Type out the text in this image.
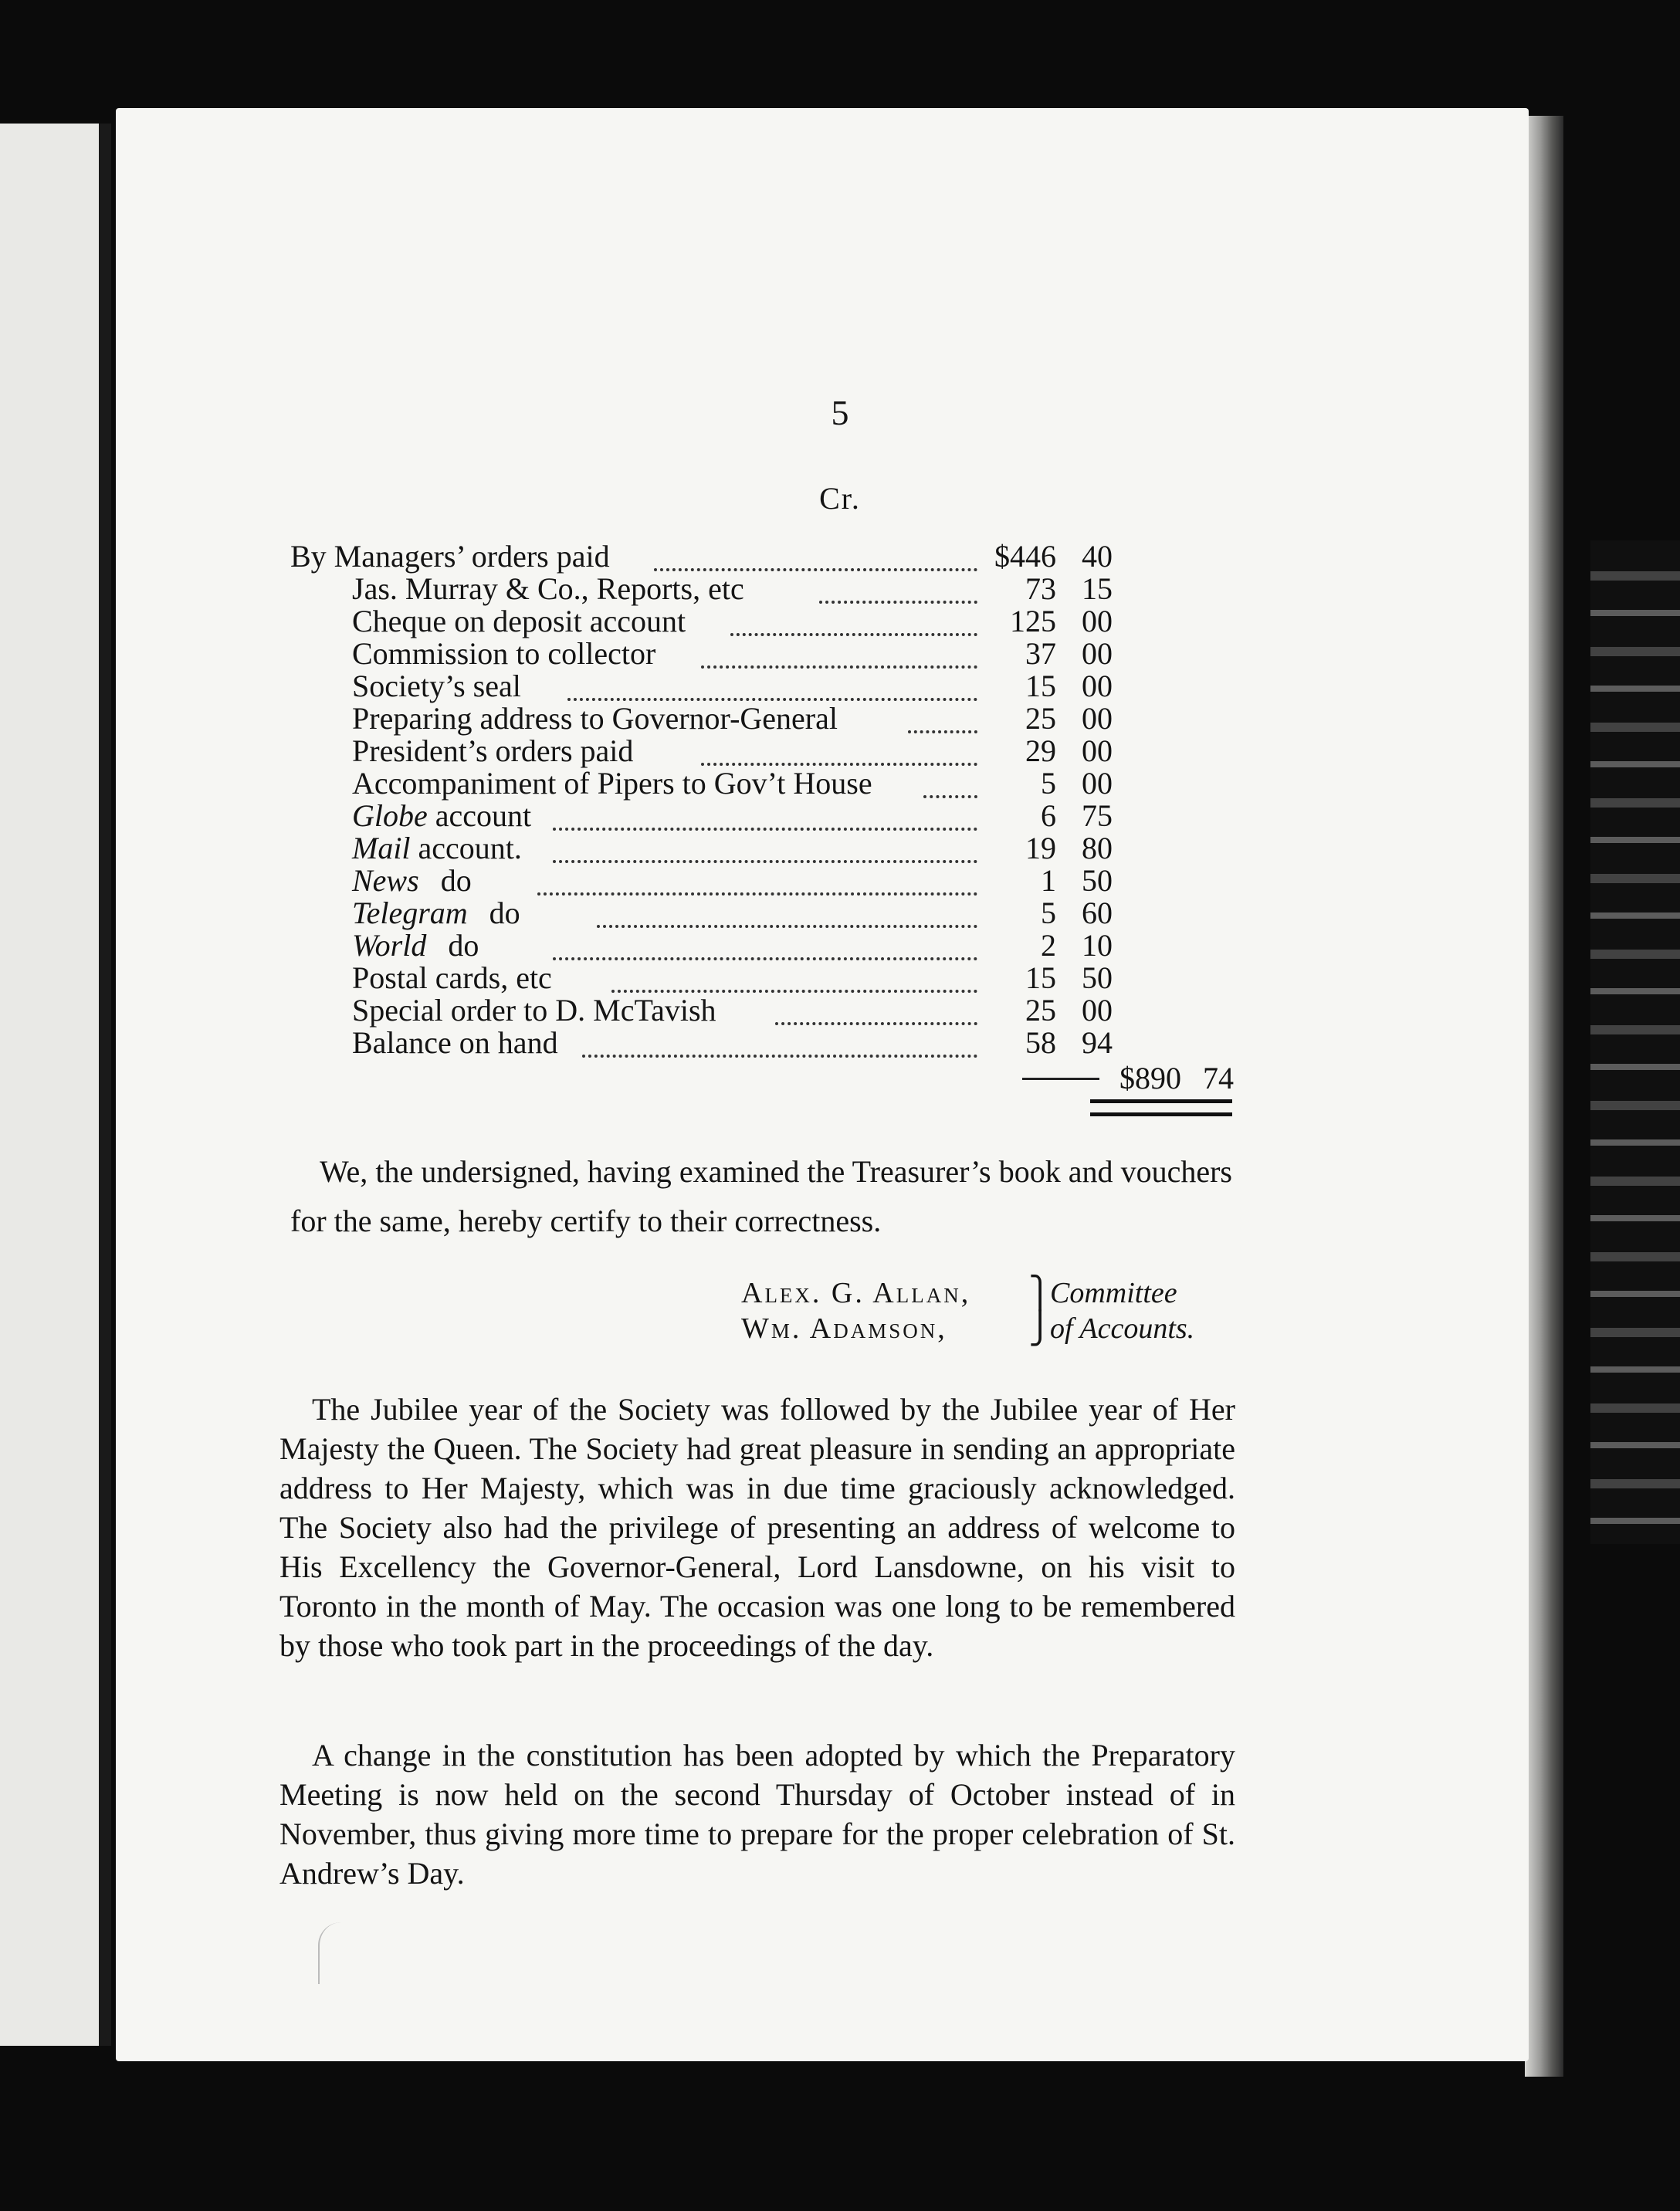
5
Cr.
By Managers’ orders paid	$446 40
Jas. Murray & Co., Reports, etc	73 15
Cheque on deposit account	125 00
Commission to collector	37 00
Society’s seal	15 00
Preparing address to Governor-General	25 00
President’s orders paid	29 00
Accompaniment of Pipers to Gov’t House	5 00
Globe account	6 75
Mail account.	19 80
News do	1 50
Telegram do	5 60
World do	2 10
Postal cards, etc	15 50
Special order to D. McTavish	25 00
Balance on hand	58 94
$890 74
We, the undersigned, having examined the Treasurer’s book and vouchers for the same, hereby certify to their correctness.
Alex. G. Allan, ⎫
Committee
Wm. Adamson,	⎭
of Accounts.
The Jubilee year of the Society was followed by the Jubilee year of Her Majesty the Queen. The Society had great pleasure in sending an appropriate address to Her Majesty, which was in due time graciously acknowledged. The Society also had the privilege of presenting an address of welcome to His Excellency the Governor-General, Lord Lansdowne, on his visit to Toronto in the month of May. The occasion was one long to be remembered by those who took part in the proceedings of the day.
A change in the constitution has been adopted by which the Preparatory Meeting is now held on the second Thursday of October instead of in November, thus giving more time to prepare for the proper celebration of St. Andrew’s Day.
